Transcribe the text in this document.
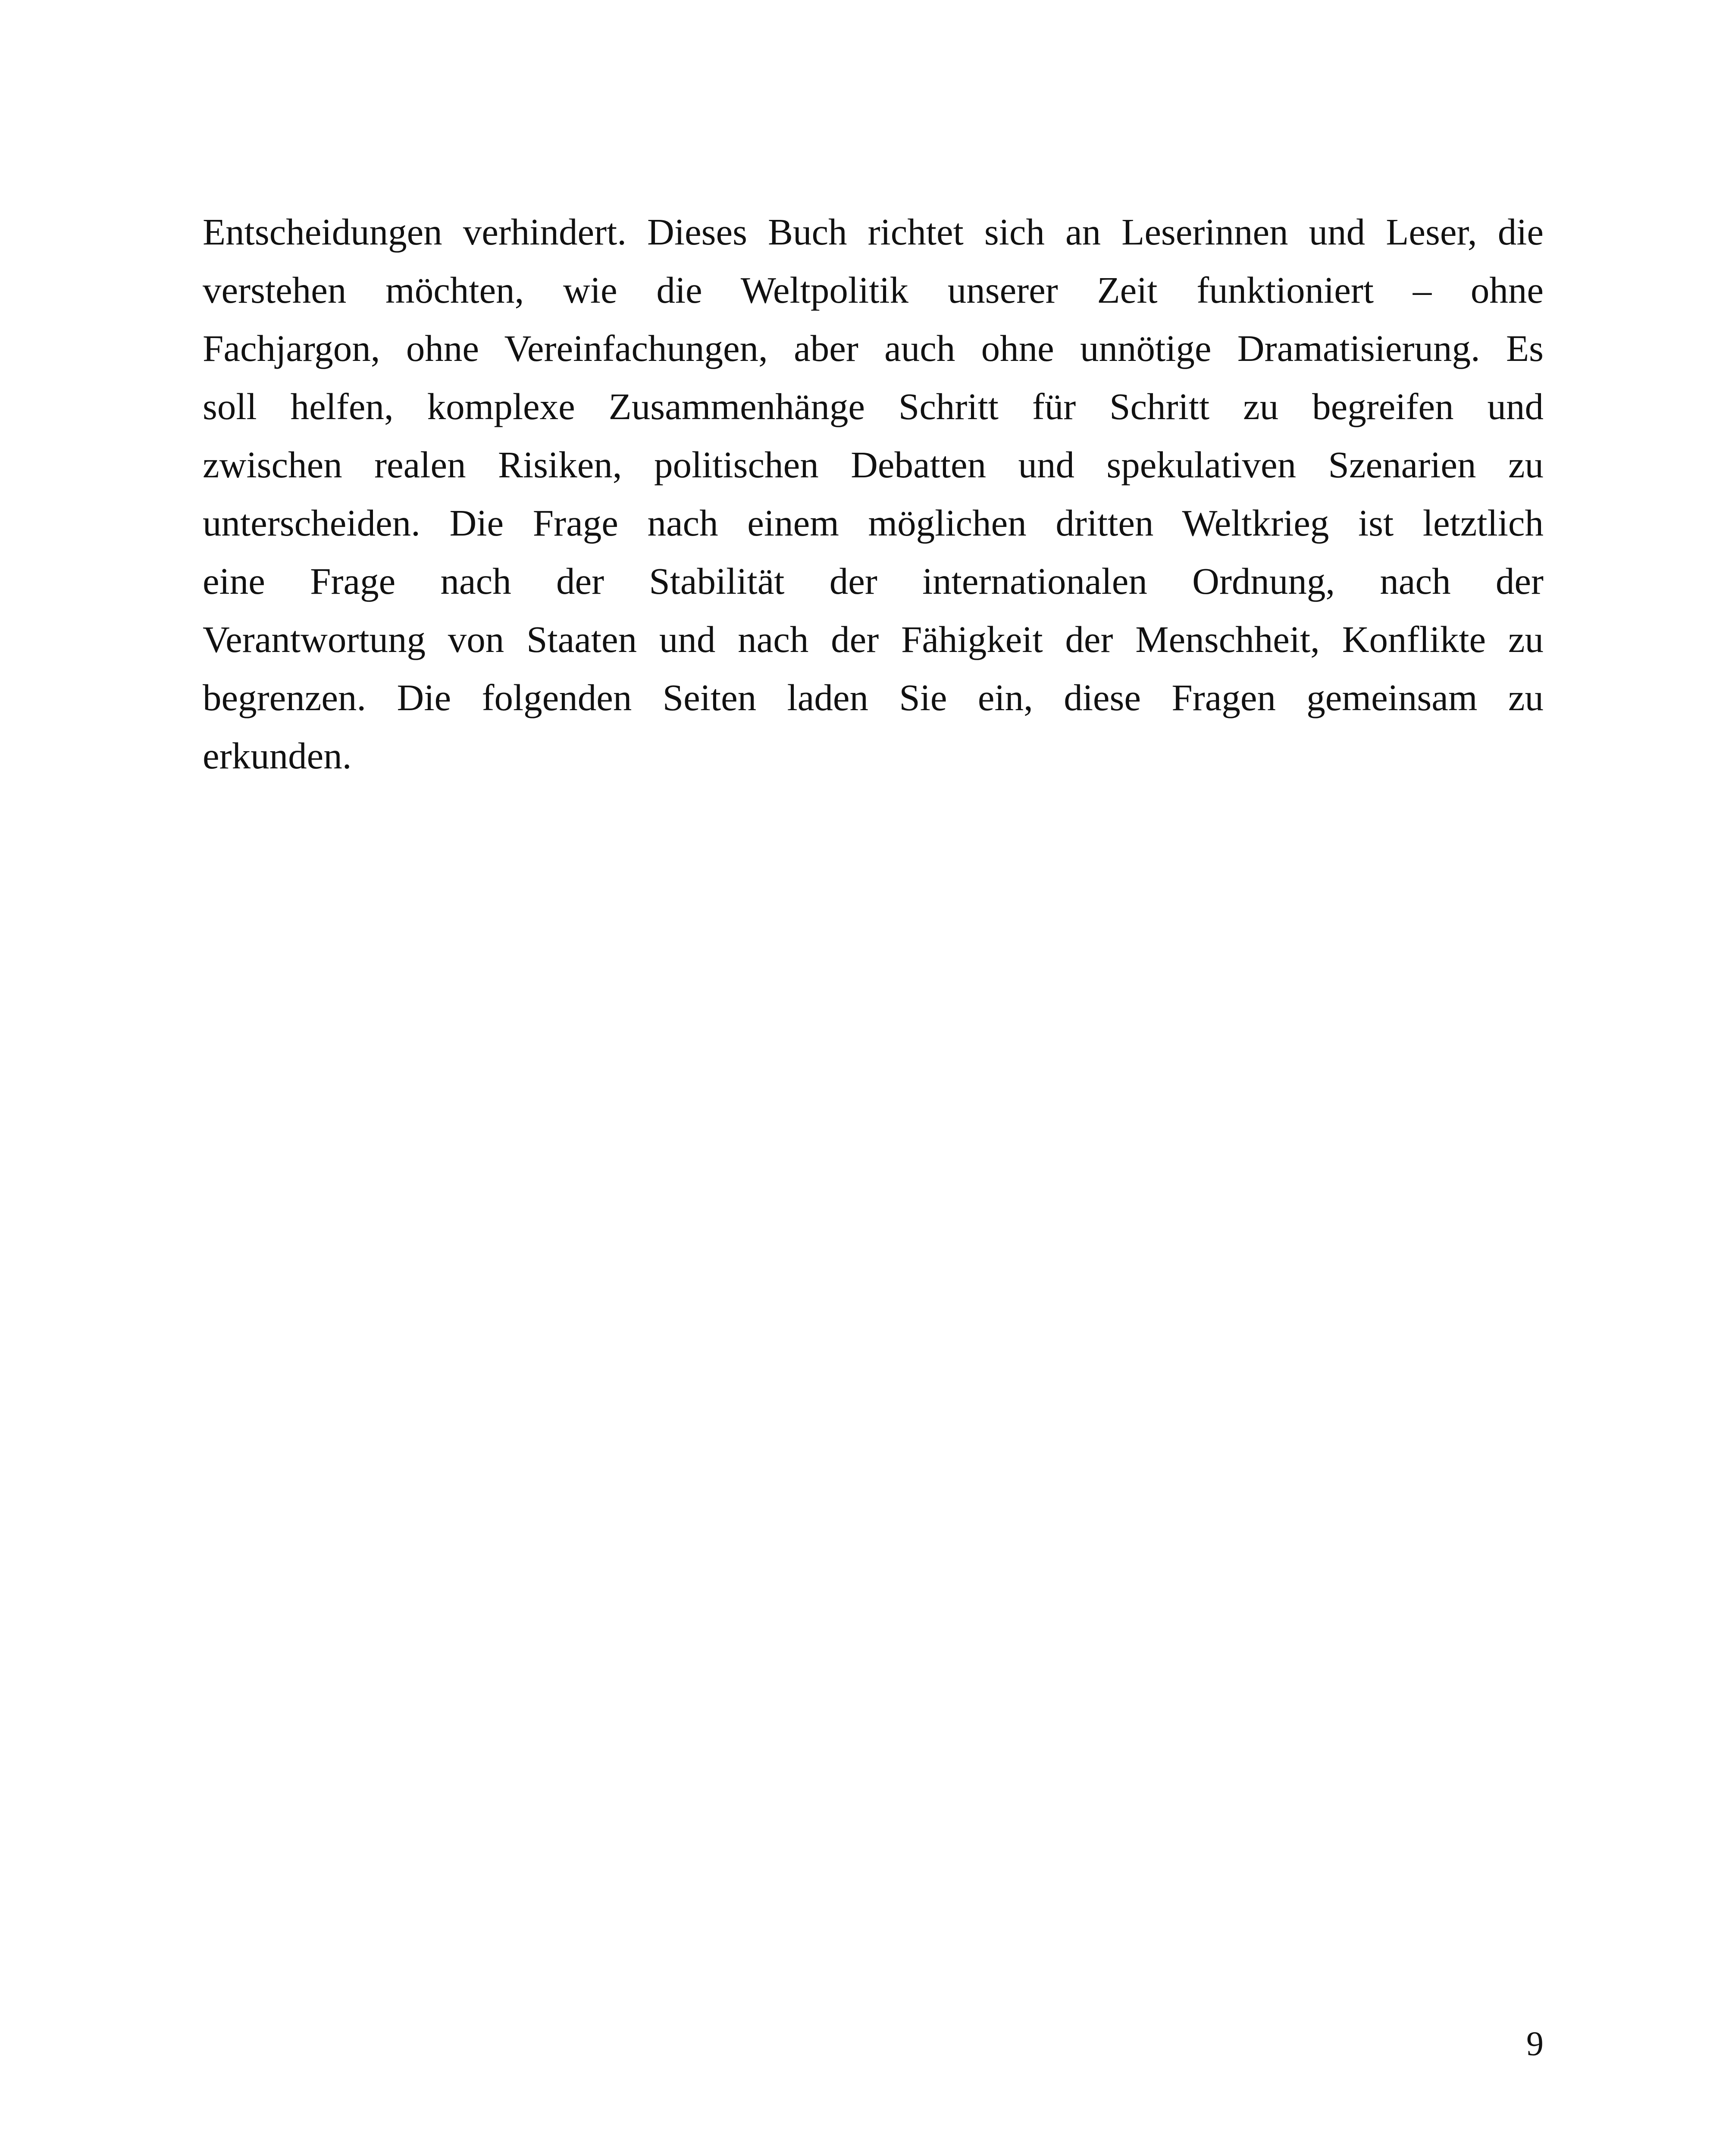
Entscheidungen verhindert. Dieses Buch richtet sich an Leserinnen und Leser, die
verstehen möchten, wie die Weltpolitik unserer Zeit funktioniert – ohne
Fachjargon, ohne Vereinfachungen, aber auch ohne unnötige Dramatisierung. Es
soll helfen, komplexe Zusammenhänge Schritt für Schritt zu begreifen und
zwischen realen Risiken, politischen Debatten und spekulativen Szenarien zu
unterscheiden. Die Frage nach einem möglichen dritten Weltkrieg ist letztlich
eine Frage nach der Stabilität der internationalen Ordnung, nach der
Verantwortung von Staaten und nach der Fähigkeit der Menschheit, Konflikte zu
begrenzen. Die folgenden Seiten laden Sie ein, diese Fragen gemeinsam zu
erkunden.
9
